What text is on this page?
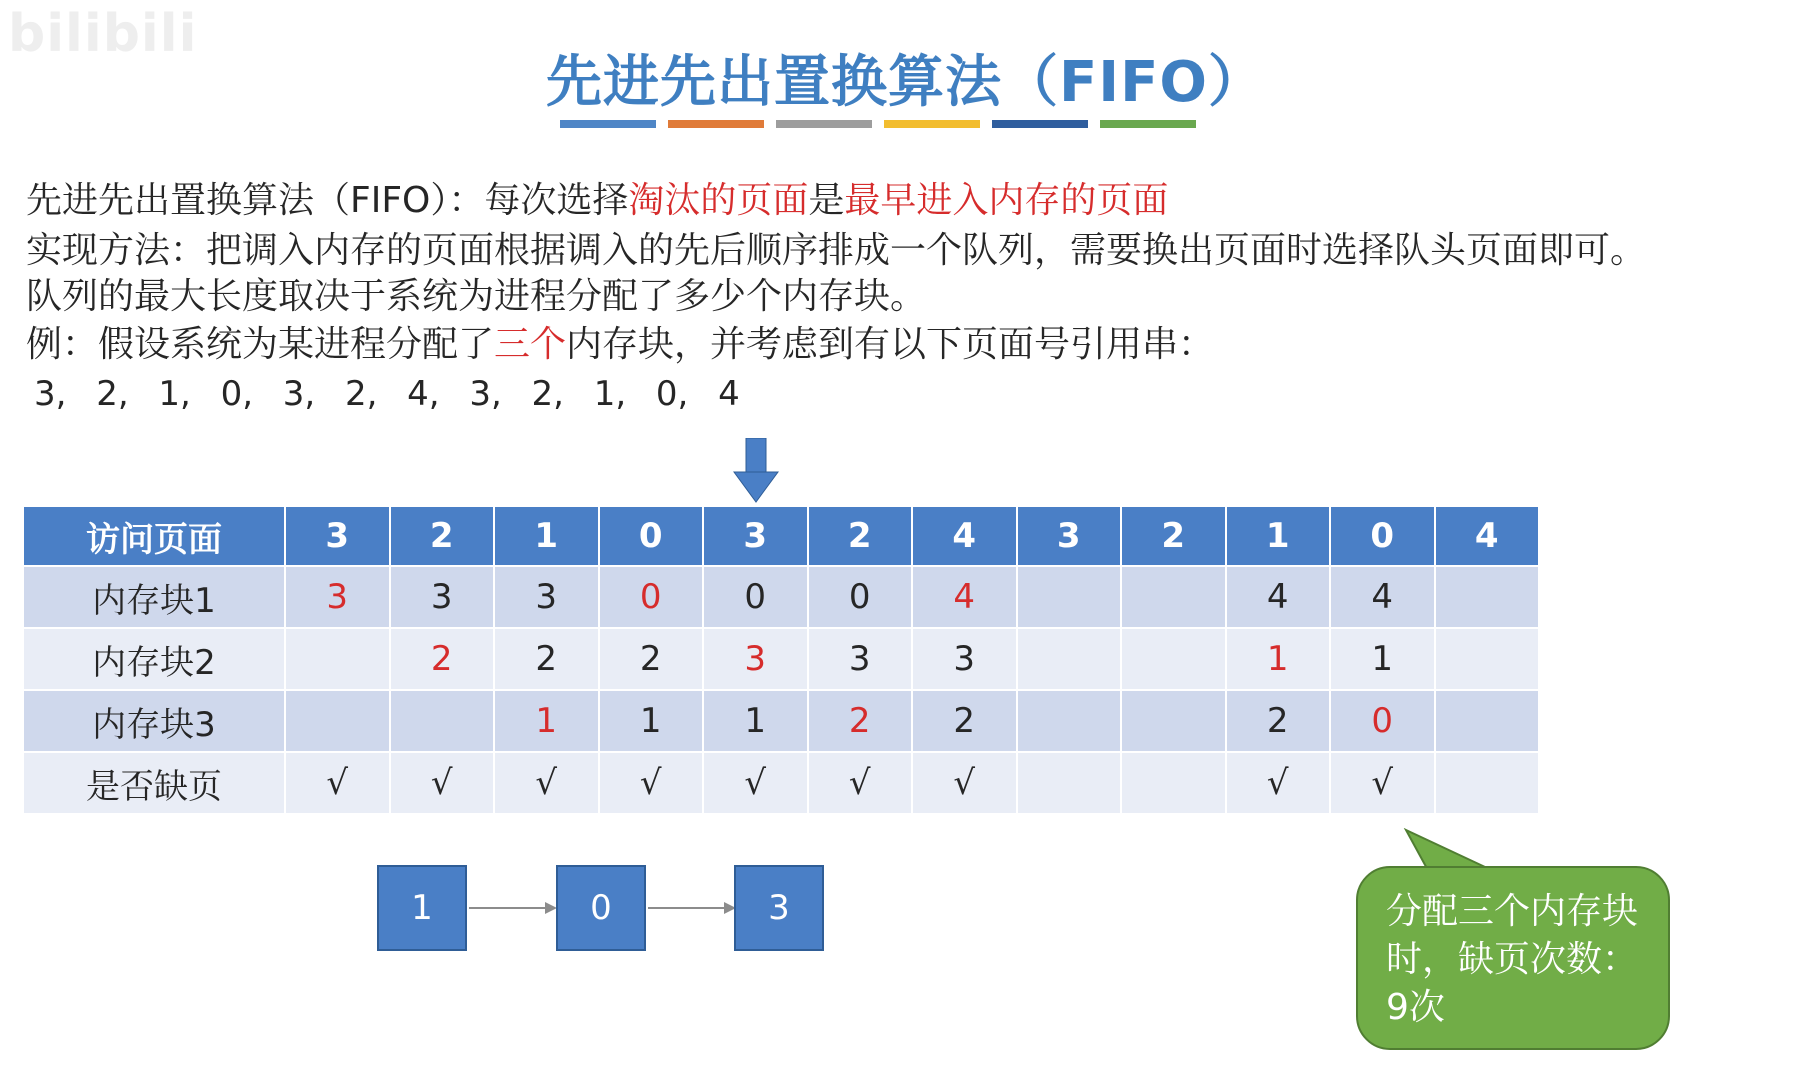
bilibili
先进先出置换算法（FIFO）
先进先出置换算法（FIFO）：每次选择淘汰的页面是最早进入内存的页面
实现方法：把调入内存的页面根据调入的先后顺序排成一个队列，需要换出页面时选择队头页面即可。
队列的最大长度取决于系统为进程分配了多少个内存块。
例：假设系统为某进程分配了三个内存块，并考虑到有以下页面号引用串：
3, 2, 1, 0, 3, 2, 4, 3, 2, 1, 0, 4
访问页面	3	2	1	0	3	2	4	3	2	1	0	4
内存块1	3	3	3	0	0	0	4			4	4	
内存块2		2	2	2	3	3	3			1	1	
内存块3			1	1	1	2	2			2	0	
是否缺页	√	√	√	√	√	√	√			√	√	
1	0	3	分配三个内存块时，缺页次数：9次
